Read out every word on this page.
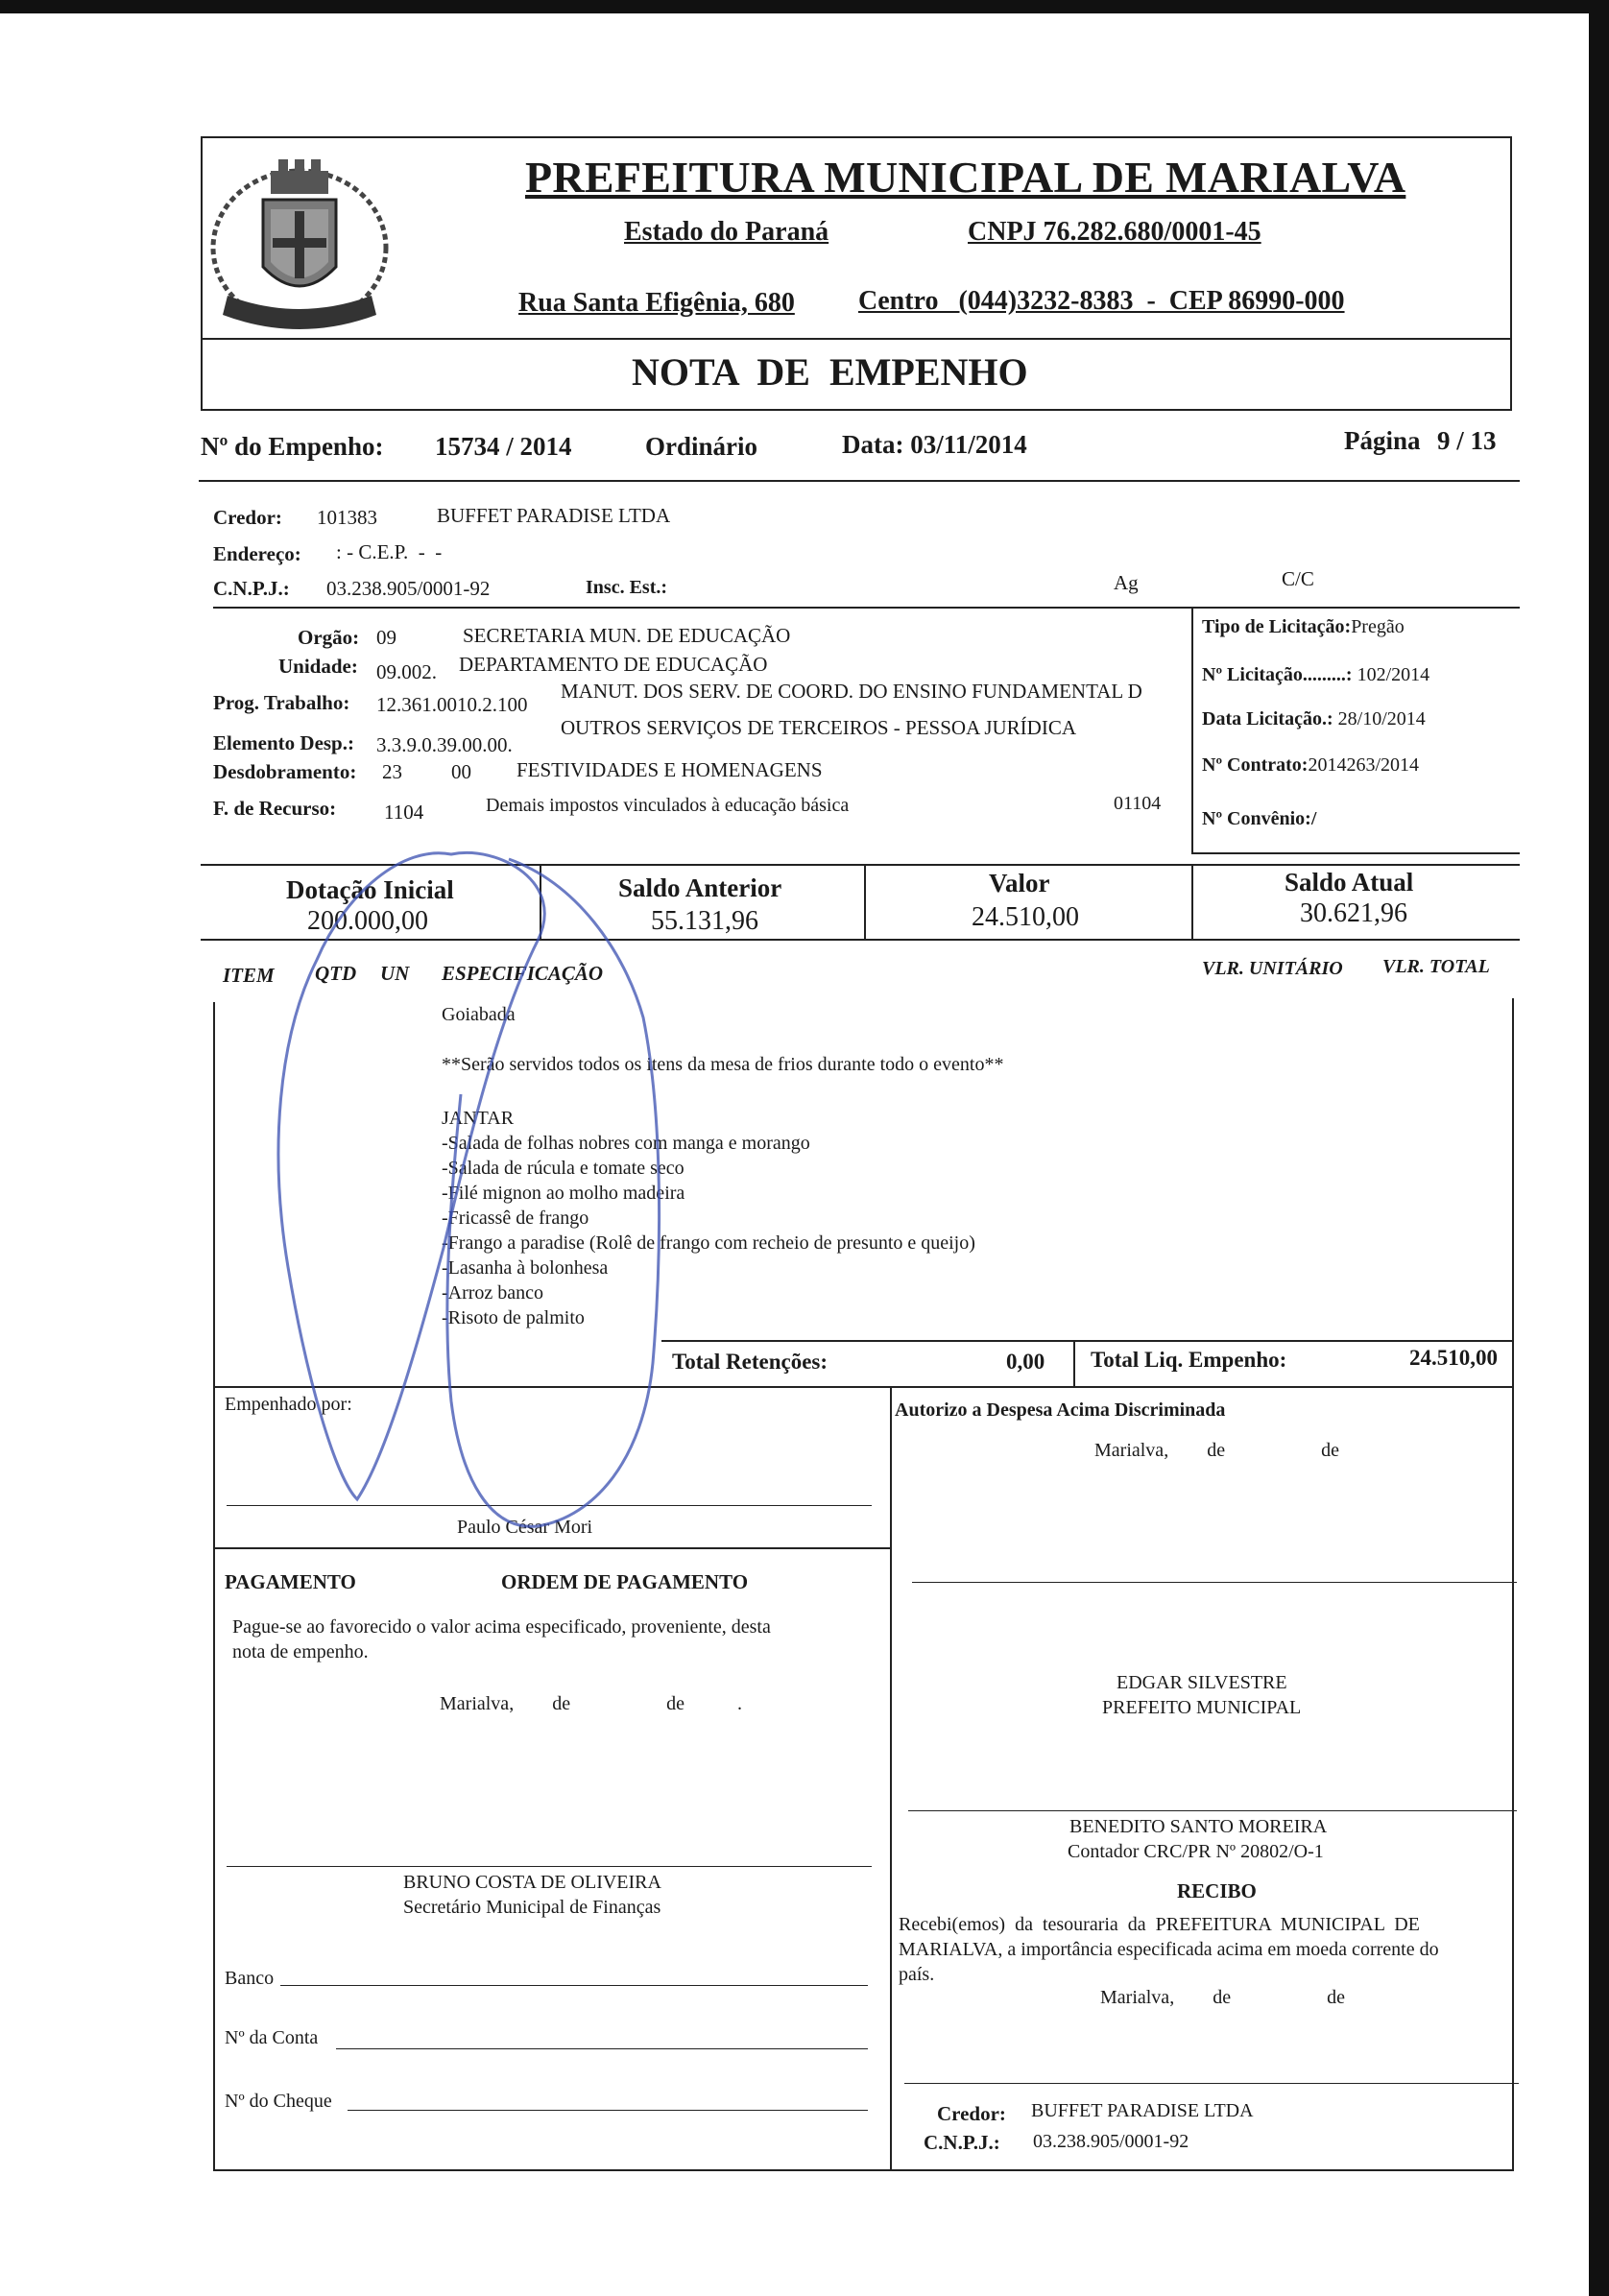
PREFEITURA MUNICIPAL DE MARIALVA
Estado do Paraná	CNPJ 76.282.680/0001-45
Rua Santa Efigênia, 680 Centro   (044)3232-8383  -  CEP 86990-000
NOTA  DE  EMPENHO
Nº do Empenho: 15734 / 2014	Ordinário	Data: 03/11/2014	Página 9 / 13
Credor: 101383	BUFFET PARADISE LTDA
Endereço: : - C.E.P.  -  -
C.N.P.J.: 03.238.905/0001-92	Insc. Est.:	Ag	C/C
Orgão: 09	SECRETARIA MUN. DE EDUCAÇÃO
Unidade: 09.002. DEPARTAMENTO DE EDUCAÇÃO
Prog. Trabalho: 12.361.0010.2.100
MANUT. DOS SERV. DE COORD. DO ENSINO FUNDAMENTAL D
Elemento Desp.: 3.3.9.0.39.00.00.
OUTROS SERVIÇOS DE TERCEIROS - PESSOA JURÍDICA
Desdobramento: 23 00 FESTIVIDADES E HOMENAGENS
F. de Recurso: 1104	Demais impostos vinculados à educação básica	01104
Tipo de Licitação:Pregão
Nº Licitação.........: 102/2014
Data Licitação.: 28/10/2014
Nº Contrato:2014263/2014
Nº Convênio:/
Dotação Inicial
200.000,00
Saldo Anterior
55.131,96
Valor
24.510,00
Saldo Atual
30.621,96
ITEM QTD UN ESPECIFICAÇÃO	VLR. UNITÁRIO VLR. TOTAL
Goiabada
**Serão servidos todos os itens da mesa de frios durante todo o evento**
JANTAR
-Salada de folhas nobres com manga e morango
-Salada de rúcula e tomate seco
-Filé mignon ao molho madeira
-Fricassê de frango
-Frango a paradise (Rolê de frango com recheio de presunto e queijo)
-Lasanha à bolonhesa
-Arroz banco
-Risoto de palmito
Total Retenções:	0,00 Total Liq. Empenho:	24.510,00
Empenhado por:
Paulo César Mori
Autorizo a Despesa Acima Discriminada
Marialva,        de                    de
EDGAR SILVESTRE
PREFEITO MUNICIPAL
BENEDITO SANTO MOREIRA
Contador CRC/PR Nº 20802/O-1
RECIBO
Recebi(emos)  da  tesouraria  da  PREFEITURA  MUNICIPAL  DE
MARIALVA, a importância especificada acima em moeda corrente do
país.
Marialva,        de                    de
Credor: BUFFET PARADISE LTDA
C.N.P.J.: 03.238.905/0001-92
PAGAMENTO	ORDEM DE PAGAMENTO
Pague-se ao favorecido o valor acima especificado, proveniente, desta
nota de empenho.
Marialva,        de                    de           .
BRUNO COSTA DE OLIVEIRA
Secretário Municipal de Finanças
Banco
Nº da Conta
Nº do Cheque
